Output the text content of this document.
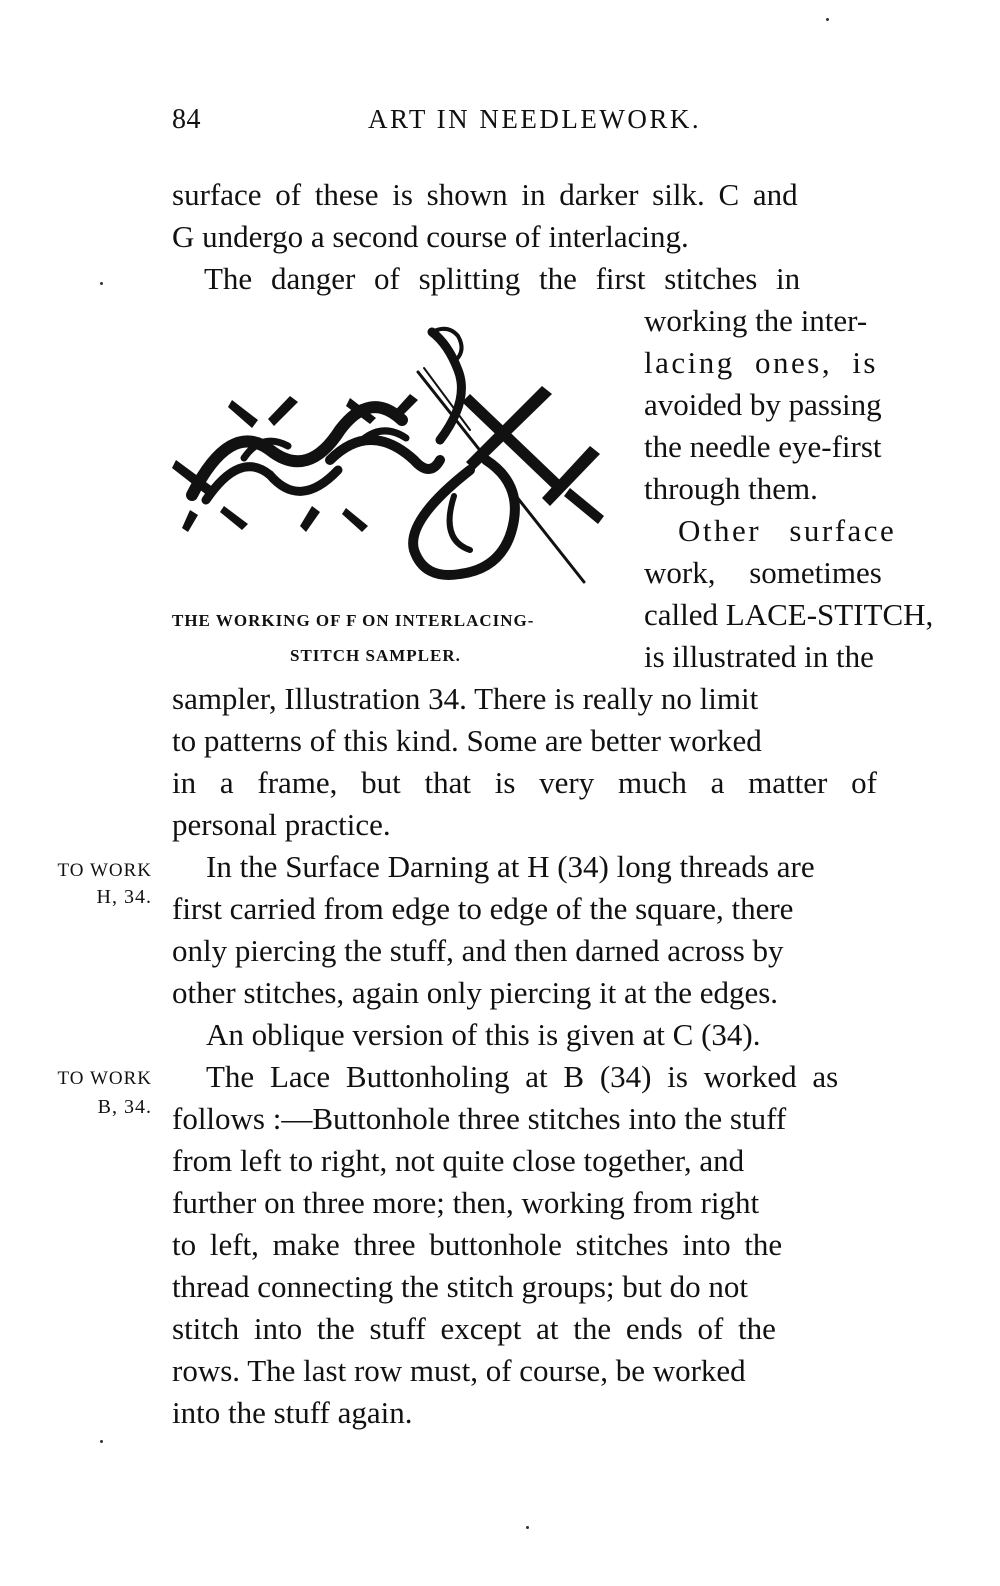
84	ART IN NEEDLEWORK.
surface of these is shown in darker silk. C and
G undergo a second course of interlacing.
The danger of splitting the first stitches in
working the inter-
lacing ones, is
avoided by passing
the needle eye-first
through them.
Other surface
work, sometimes
called LACE-STITCH,
is illustrated in the
THE WORKING OF F ON INTERLACING-
STITCH SAMPLER.
sampler, Illustration 34. There is really no limit
to patterns of this kind. Some are better worked
in a frame, but that is very much a matter of
personal practice.
TO WORK
H, 34.
In the Surface Darning at H (34) long threads are
first carried from edge to edge of the square, there
only piercing the stuff, and then darned across by
other stitches, again only piercing it at the edges.
An oblique version of this is given at C (34).
TO WORK
B, 34.
The Lace Buttonholing at B (34) is worked as
follows :—Buttonhole three stitches into the stuff
from left to right, not quite close together, and
further on three more; then, working from right
to left, make three buttonhole stitches into the
thread connecting the stitch groups; but do not
stitch into the stuff except at the ends of the
rows. The last row must, of course, be worked
into the stuff again.
